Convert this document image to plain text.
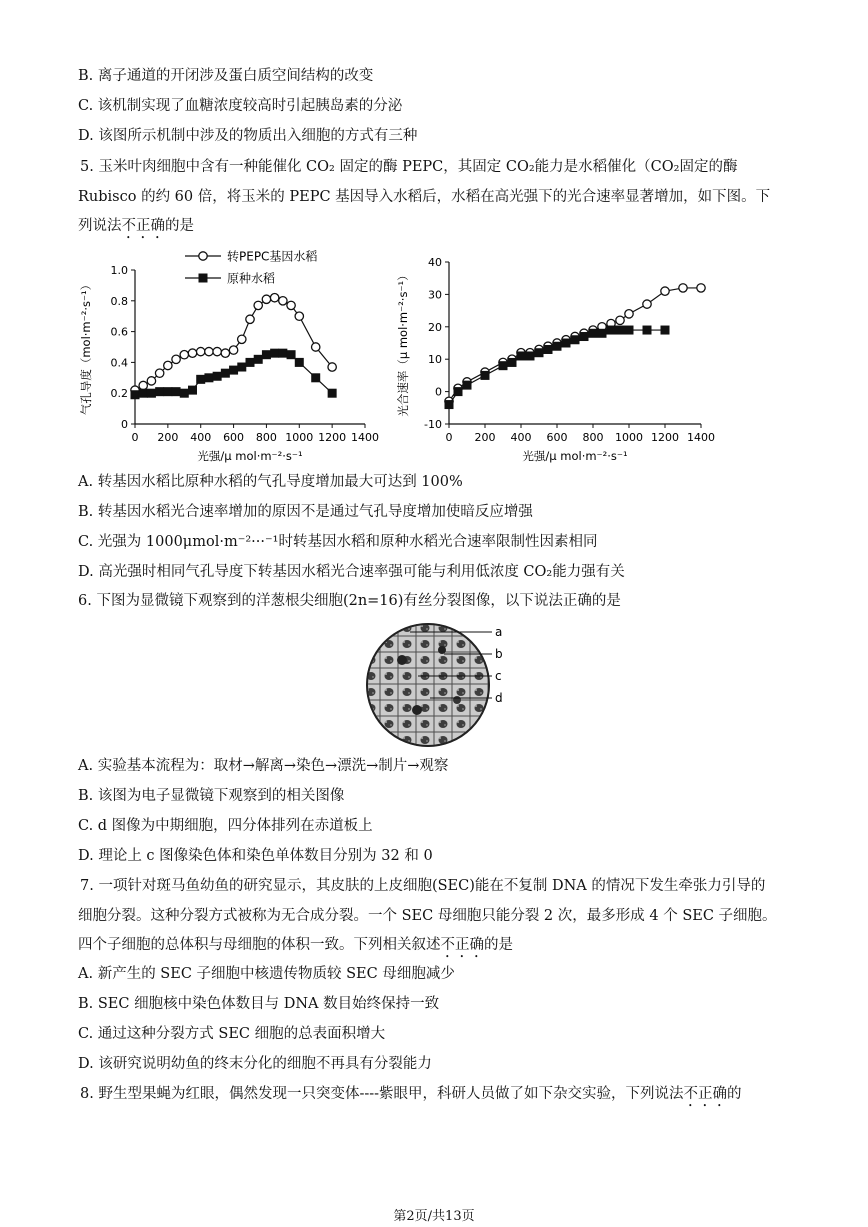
B. 离子通道的开闭涉及蛋白质空间结构的改变
C. 该机制实现了血糖浓度较高时引起胰岛素的分泌
D. 该图所示机制中涉及的物质出入细胞的方式有三种
5. 玉米叶肉细胞中含有一种能催化 CO₂ 固定的酶 PEPC，其固定 CO₂能力是水稻催化（CO₂固定的酶
Rubisco 的约 60 倍，将玉米的 PEPC 基因导入水稻后，水稻在高光强下的光合速率显著增加，如下图。下
列说法不正确的是
0 200 400 600 800 1000 1200 1400
0
0.2
0.4
0.6
0.8
1.0
光强/μ mol·m⁻²·s⁻¹
气孔导度（mol·m⁻²·s⁻¹）
转PEPC基因水稻
原种水稻
0 200 400 600 800 1000 1200 1400
-10
0
10
20
30
40
光强/μ mol·m⁻²·s⁻¹
光合速率（μ mol·m⁻²·s⁻¹）
A. 转基因水稻比原种水稻的气孔导度增加最大可达到 100%
B. 转基因水稻光合速率增加的原因不是通过气孔导度增加使暗反应增强
C. 光强为 1000μmol·m⁻²···⁻¹时转基因水稻和原种水稻光合速率限制性因素相同
D. 高光强时相同气孔导度下转基因水稻光合速率强可能与利用低浓度 CO₂能力强有关
6. 下图为显微镜下观察到的洋葱根尖细胞(2n=16)有丝分裂图像，以下说法正确的是
a
b
c
d
A. 实验基本流程为：取材→解离→染色→漂洗→制片→观察
B. 该图为电子显微镜下观察到的相关图像
C. d 图像为中期细胞，四分体排列在赤道板上
D. 理论上 c 图像染色体和染色单体数目分别为 32 和 0
7. 一项针对斑马鱼幼鱼的研究显示，其皮肤的上皮细胞(SEC)能在不复制 DNA 的情况下发生牵张力引导的
细胞分裂。这种分裂方式被称为无合成分裂。一个 SEC 母细胞只能分裂 2 次，最多形成 4 个 SEC 子细胞。
四个子细胞的总体积与母细胞的体积一致。下列相关叙述不正确的是
A. 新产生的 SEC 子细胞中核遗传物质较 SEC 母细胞减少
B. SEC 细胞核中染色体数目与 DNA 数目始终保持一致
C. 通过这种分裂方式 SEC 细胞的总表面积增大
D. 该研究说明幼鱼的终末分化的细胞不再具有分裂能力
8. 野生型果蝇为红眼，偶然发现一只突变体----紫眼甲，科研人员做了如下杂交实验，下列说法不正确的
第2页/共13页
